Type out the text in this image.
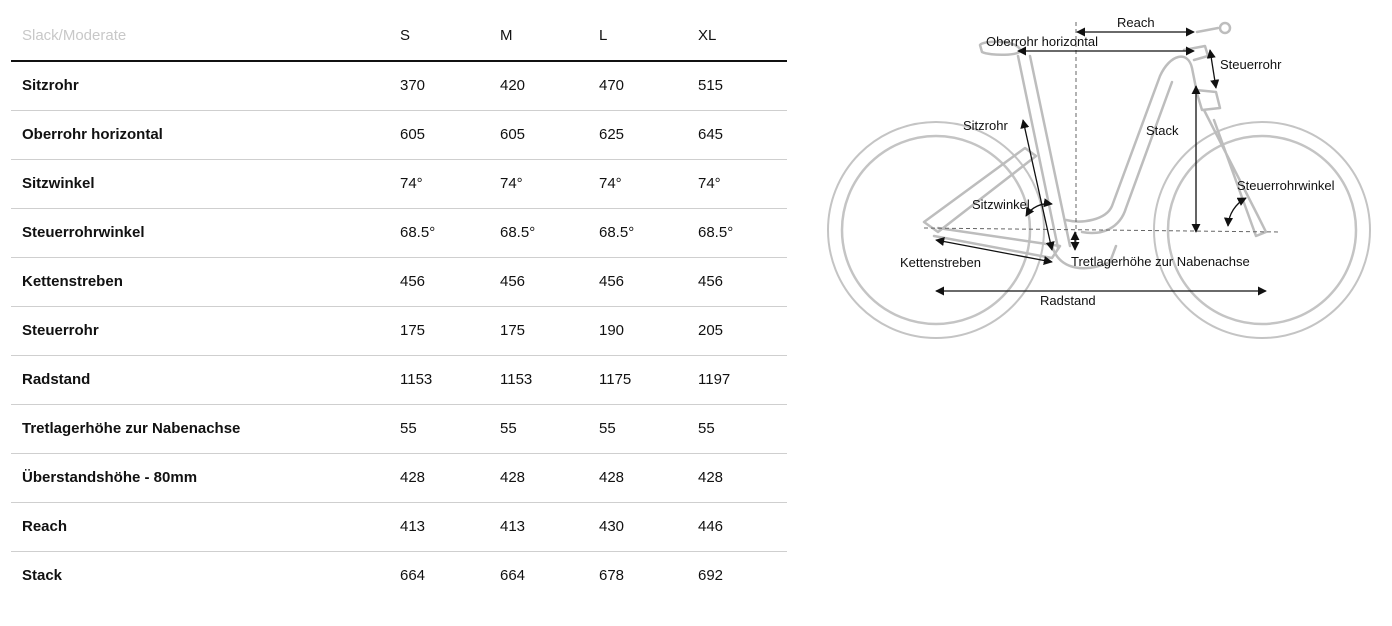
Slack/Moderate	S	M	L	XL
Sitzrohr	370	420	470	515
Oberrohr horizontal	605	605	625	645
Sitzwinkel	74°	74°	74°	74°
Steuerrohrwinkel	68.5°	68.5°	68.5°	68.5°
Kettenstreben	456	456	456	456
Steuerrohr	175	175	190	205
Radstand	1153	1153	1175	1197
Tretlagerhöhe zur Nabenachse	55	55	55	55
Überstandshöhe - 80mm	428	428	428	428
Reach	413	413	430	446
Stack	664	664	678	692
Reach
Oberrohr horizontal
Steuerrohr
Sitzrohr	Stack
Steuerrohrwinkel
Sitzwinkel
Kettenstreben	Tretlagerhöhe zur Nabenachse
Radstand
